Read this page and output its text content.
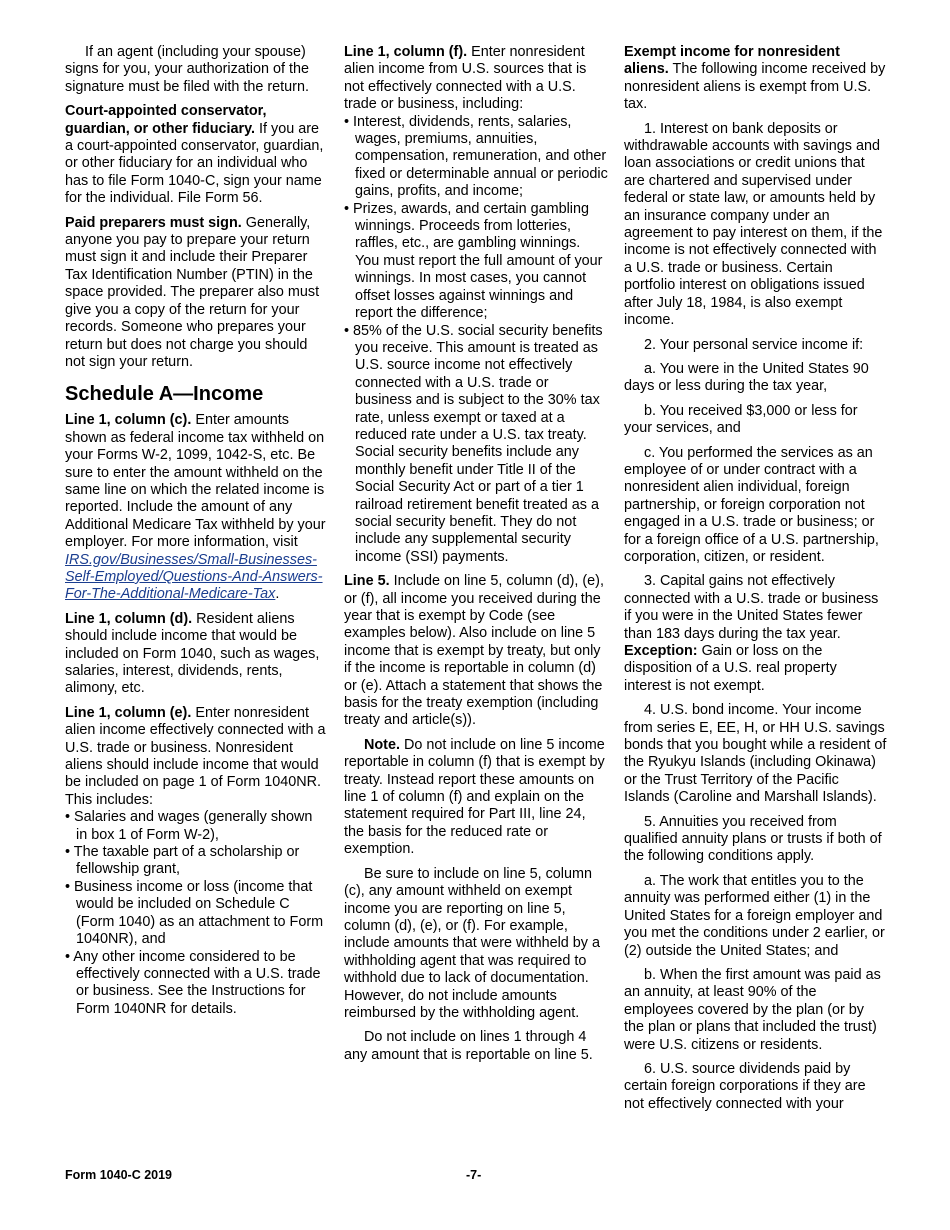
If an agent (including your spouse) signs for you, your authorization of the signature must be filed with the return.

Court-appointed conservator, guardian, or other fiduciary. If you are a court-appointed conservator, guardian, or other fiduciary for an individual who has to file Form 1040-C, sign your name for the individual. File Form 56.

Paid preparers must sign. Generally, anyone you pay to prepare your return must sign it and include their Preparer Tax Identification Number (PTIN) in the space provided. The preparer also must give you a copy of the return for your records. Someone who prepares your return but does not charge you should not sign your return.

Schedule A—Income

Line 1, column (c). Enter amounts shown as federal income tax withheld on your Forms W-2, 1099, 1042-S, etc. Be sure to enter the amount withheld on the same line on which the related income is reported. Include the amount of any Additional Medicare Tax withheld by your employer. For more information, visit IRS.gov/Businesses/Small-Businesses-Self-Employed/Questions-And-Answers-For-The-Additional-Medicare-Tax.

Line 1, column (d). Resident aliens should include income that would be included on Form 1040, such as wages, salaries, interest, dividends, rents, alimony, etc.

Line 1, column (e). Enter nonresident alien income effectively connected with a U.S. trade or business. Nonresident aliens should include income that would be included on page 1 of Form 1040NR. This includes:

• Salaries and wages (generally shown in box 1 of Form W-2),
• The taxable part of a scholarship or fellowship grant,
• Business income or loss (income that would be included on Schedule C (Form 1040) as an attachment to Form 1040NR), and
• Any other income considered to be effectively connected with a U.S. trade or business. See the Instructions for Form 1040NR for details.

Line 1, column (f). Enter nonresident alien income from U.S. sources that is not effectively connected with a U.S. trade or business, including:

• Interest, dividends, rents, salaries, wages, premiums, annuities, compensation, remuneration, and other fixed or determinable annual or periodic gains, profits, and income;
• Prizes, awards, and certain gambling winnings. Proceeds from lotteries, raffles, etc., are gambling winnings. You must report the full amount of your winnings. In most cases, you cannot offset losses against winnings and report the difference;
• 85% of the U.S. social security benefits you receive. This amount is treated as U.S. source income not effectively connected with a U.S. trade or business and is subject to the 30% tax rate, unless exempt or taxed at a reduced rate under a U.S. tax treaty. Social security benefits include any monthly benefit under Title II of the Social Security Act or part of a tier 1 railroad retirement benefit treated as a social security benefit. They do not include any supplemental security income (SSI) payments.

Line 5. Include on line 5, column (d), (e), or (f), all income you received during the year that is exempt by Code (see examples below). Also include on line 5 income that is exempt by treaty, but only if the income is reportable in column (d) or (e). Attach a statement that shows the basis for the treaty exemption (including treaty and article(s)).

Note. Do not include on line 5 income reportable in column (f) that is exempt by treaty. Instead report these amounts on line 1 of column (f) and explain on the statement required for Part III, line 24, the basis for the reduced rate or exemption.

Be sure to include on line 5, column (c), any amount withheld on exempt income you are reporting on line 5, column (d), (e), or (f). For example, include amounts that were withheld by a withholding agent that was required to withhold due to lack of documentation. However, do not include amounts reimbursed by the withholding agent.

Do not include on lines 1 through 4 any amount that is reportable on line 5.

Exempt income for nonresident aliens. The following income received by nonresident aliens is exempt from U.S. tax.

1. Interest on bank deposits or withdrawable accounts with savings and loan associations or credit unions that are chartered and supervised under federal or state law, or amounts held by an insurance company under an agreement to pay interest on them, if the income is not effectively connected with a U.S. trade or business. Certain portfolio interest on obligations issued after July 18, 1984, is also exempt income.

2. Your personal service income if:

a. You were in the United States 90 days or less during the tax year,

b. You received $3,000 or less for your services, and

c. You performed the services as an employee of or under contract with a nonresident alien individual, foreign partnership, or foreign corporation not engaged in a U.S. trade or business; or for a foreign office of a U.S. partnership, corporation, citizen, or resident.

3. Capital gains not effectively connected with a U.S. trade or business if you were in the United States fewer than 183 days during the tax year. Exception: Gain or loss on the disposition of a U.S. real property interest is not exempt.

4. U.S. bond income. Your income from series E, EE, H, or HH U.S. savings bonds that you bought while a resident of the Ryukyu Islands (including Okinawa) or the Trust Territory of the Pacific Islands (Caroline and Marshall Islands).

5. Annuities you received from qualified annuity plans or trusts if both of the following conditions apply.

a. The work that entitles you to the annuity was performed either (1) in the United States for a foreign employer and you met the conditions under 2 earlier, or (2) outside the United States; and

b. When the first amount was paid as an annuity, at least 90% of the employees covered by the plan (or by the plan or plans that included the trust) were U.S. citizens or residents.

6. U.S. source dividends paid by certain foreign corporations if they are not effectively connected with your

Form 1040-C 2019	-7-
